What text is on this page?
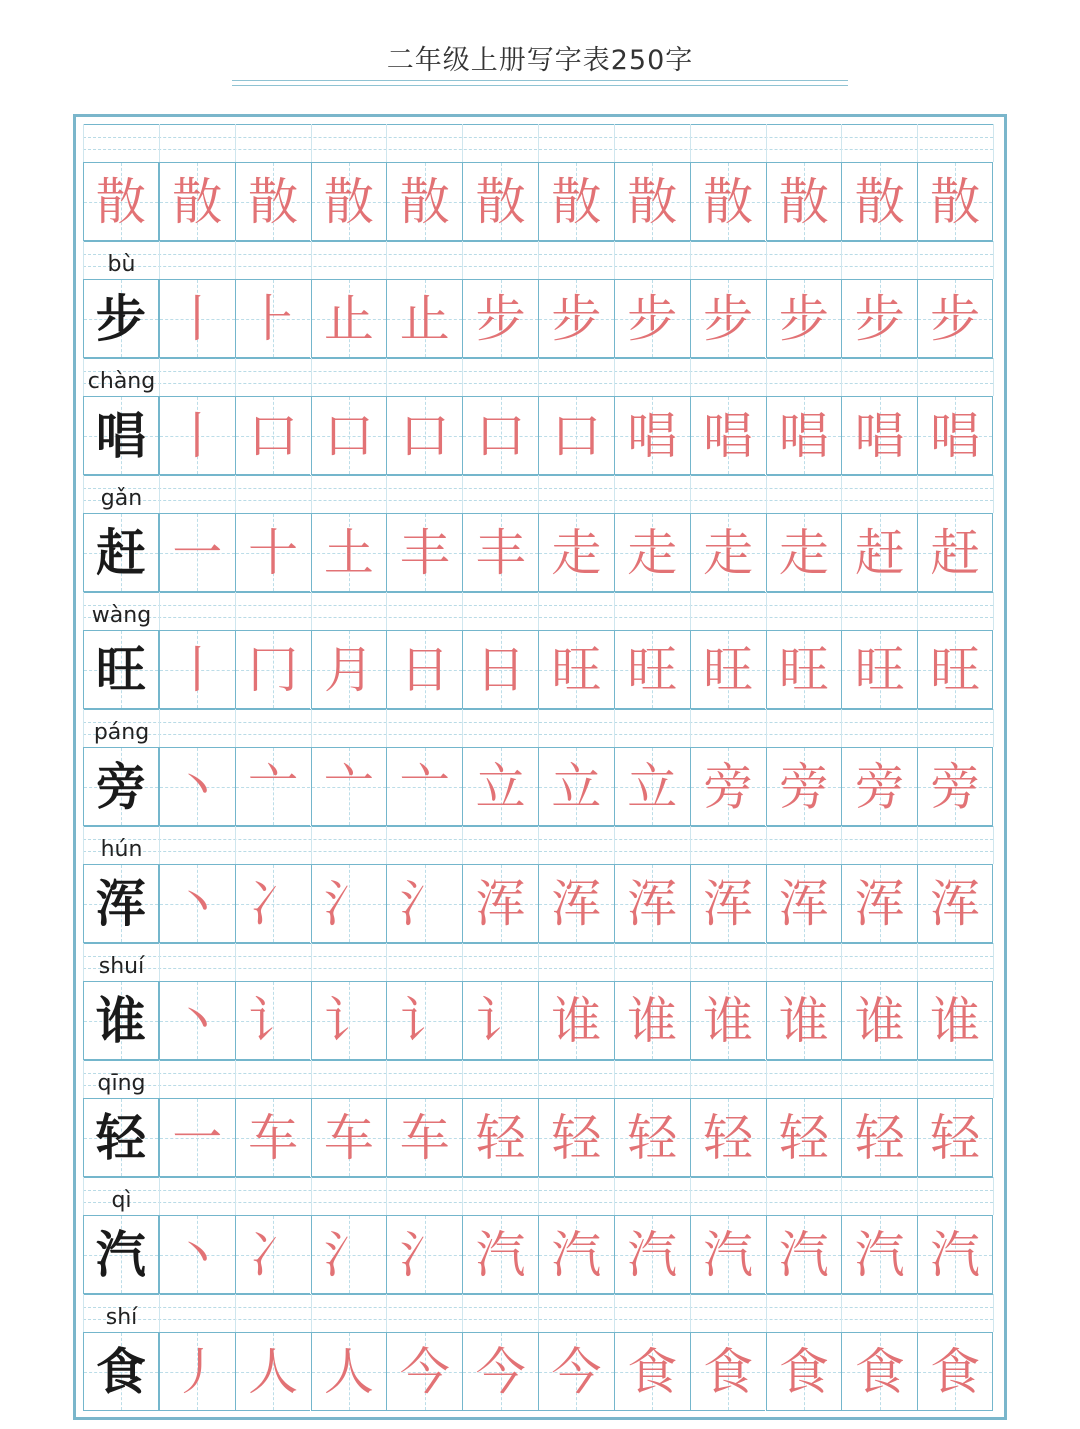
二年级上册写字表250字
散 散 散 散 散 散 散 散 散 散 散 散
bù
步 丨 ⺊ 止 止 步 步 步 步 步 步 步
chàng
唱 丨 口 口 口 口 口 唱 唱 唱 唱 唱
gǎn
赶 一 十 土 丰 丰 走 走 走 走 赶 赶
wàng
旺 丨 冂 月 日 日 旺 旺 旺 旺 旺 旺
páng
旁 丶 亠 亠 亠 立 立 立 旁 旁 旁 旁
hún
浑 丶 冫 氵 氵 浑 浑 浑 浑 浑 浑 浑
shuí
谁 丶 讠 讠 讠 讠 谁 谁 谁 谁 谁 谁
qīng
轻 一 车 车 车 轻 轻 轻 轻 轻 轻 轻
qì
汽 丶 冫 氵 氵 汽 汽 汽 汽 汽 汽 汽
shí
食 丿 人 人 今 今 今 食 食 食 食 食
